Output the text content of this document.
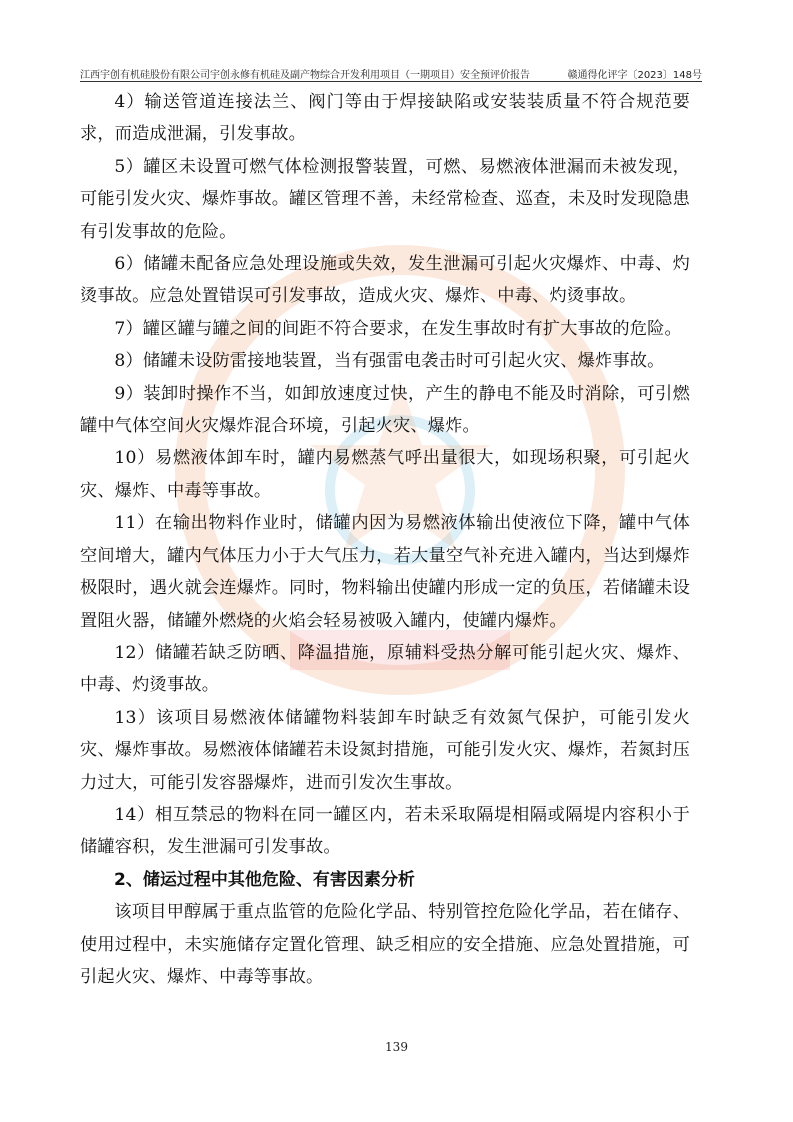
江西宇创有机硅股份有限公司宇创永修有机硅及副产物综合开发利用项目（一期项目）安全预评价报告	赣通得化评字〔2023〕148号

4）输送管道连接法兰、阀门等由于焊接缺陷或安装装质量不符合规范要求，而造成泄漏，引发事故。

5）罐区未设置可燃气体检测报警装置，可燃、易燃液体泄漏而未被发现，可能引发火灾、爆炸事故。罐区管理不善，未经常检查、巡查，未及时发现隐患有引发事故的危险。

6）储罐未配备应急处理设施或失效，发生泄漏可引起火灾爆炸、中毒、灼烫事故。应急处置错误可引发事故，造成火灾、爆炸、中毒、灼烫事故。

7）罐区罐与罐之间的间距不符合要求，在发生事故时有扩大事故的危险。

8）储罐未设防雷接地装置，当有强雷电袭击时可引起火灾、爆炸事故。

9）装卸时操作不当，如卸放速度过快，产生的静电不能及时消除，可引燃罐中气体空间火灾爆炸混合环境，引起火灾、爆炸。

10）易燃液体卸车时，罐内易燃蒸气呼出量很大，如现场积聚，可引起火灾、爆炸、中毒等事故。

11）在输出物料作业时，储罐内因为易燃液体输出使液位下降，罐中气体空间增大，罐内气体压力小于大气压力，若大量空气补充进入罐内，当达到爆炸极限时，遇火就会连爆炸。同时，物料输出使罐内形成一定的负压，若储罐未设置阻火器，储罐外燃烧的火焰会轻易被吸入罐内，使罐内爆炸。

12）储罐若缺乏防晒、降温措施，原辅料受热分解可能引起火灾、爆炸、中毒、灼烫事故。

13）该项目易燃液体储罐物料装卸车时缺乏有效氮气保护，可能引发火灾、爆炸事故。易燃液体储罐若未设氮封措施，可能引发火灾、爆炸，若氮封压力过大，可能引发容器爆炸，进而引发次生事故。

14）相互禁忌的物料在同一罐区内，若未采取隔堤相隔或隔堤内容积小于储罐容积，发生泄漏可引发事故。

2、储运过程中其他危险、有害因素分析

该项目甲醇属于重点监管的危险化学品、特别管控危险化学品，若在储存、使用过程中，未实施储存定置化管理、缺乏相应的安全措施、应急处置措施，可引起火灾、爆炸、中毒等事故。

139
